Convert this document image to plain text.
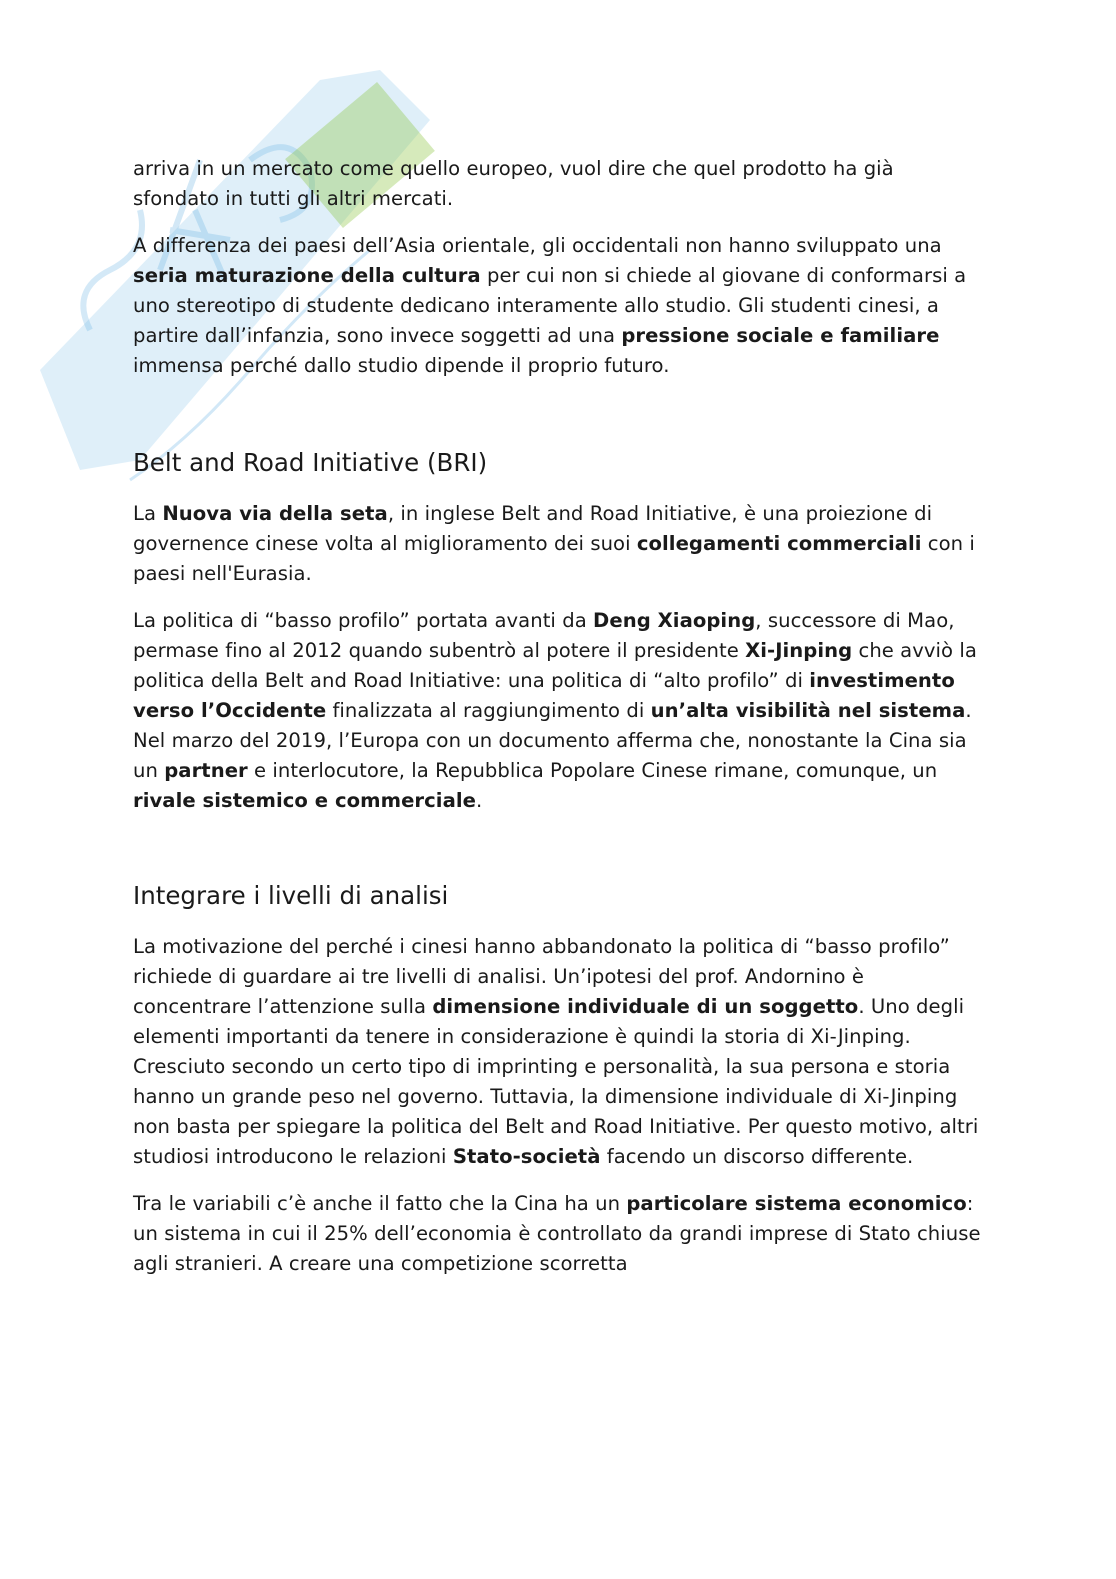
arriva in un mercato come quello europeo, vuol dire che quel prodotto ha già sfondato in tutti gli altri mercati.

A differenza dei paesi dell’Asia orientale, gli occidentali non hanno sviluppato una seria maturazione della cultura per cui non si chiede al giovane di conformarsi a uno stereotipo di studente dedicano interamente allo studio. Gli studenti cinesi, a partire dall’infanzia, sono invece soggetti ad una pressione sociale e familiare immensa perché dallo studio dipende il proprio futuro.

Belt and Road Initiative (BRI)

La Nuova via della seta, in inglese Belt and Road Initiative, è una proiezione di governence cinese volta al miglioramento dei suoi collegamenti commerciali con i paesi nell'Eurasia.

La politica di “basso profilo” portata avanti da Deng Xiaoping, successore di Mao, permase fino al 2012 quando subentrò al potere il presidente Xi-Jinping che avviò la politica della Belt and Road Initiative: una politica di “alto profilo” di investimento verso l’Occidente finalizzata al raggiungimento di un’alta visibilità nel sistema. Nel marzo del 2019, l’Europa con un documento afferma che, nonostante la Cina sia un partner e interlocutore, la Repubblica Popolare Cinese rimane, comunque, un rivale sistemico e commerciale.

Integrare i livelli di analisi

La motivazione del perché i cinesi hanno abbandonato la politica di “basso profilo” richiede di guardare ai tre livelli di analisi. Un’ipotesi del prof. Andornino è concentrare l’attenzione sulla dimensione individuale di un soggetto. Uno degli elementi importanti da tenere in considerazione è quindi la storia di Xi-Jinping. Cresciuto secondo un certo tipo di imprinting e personalità, la sua persona e storia hanno un grande peso nel governo. Tuttavia, la dimensione individuale di Xi-Jinping non basta per spiegare la politica del Belt and Road Initiative. Per questo motivo, altri studiosi introducono le relazioni Stato-società facendo un discorso differente.

Tra le variabili c’è anche il fatto che la Cina ha un particolare sistema economico: un sistema in cui il 25% dell’economia è controllato da grandi imprese di Stato chiuse agli stranieri. A creare una competizione scorretta
